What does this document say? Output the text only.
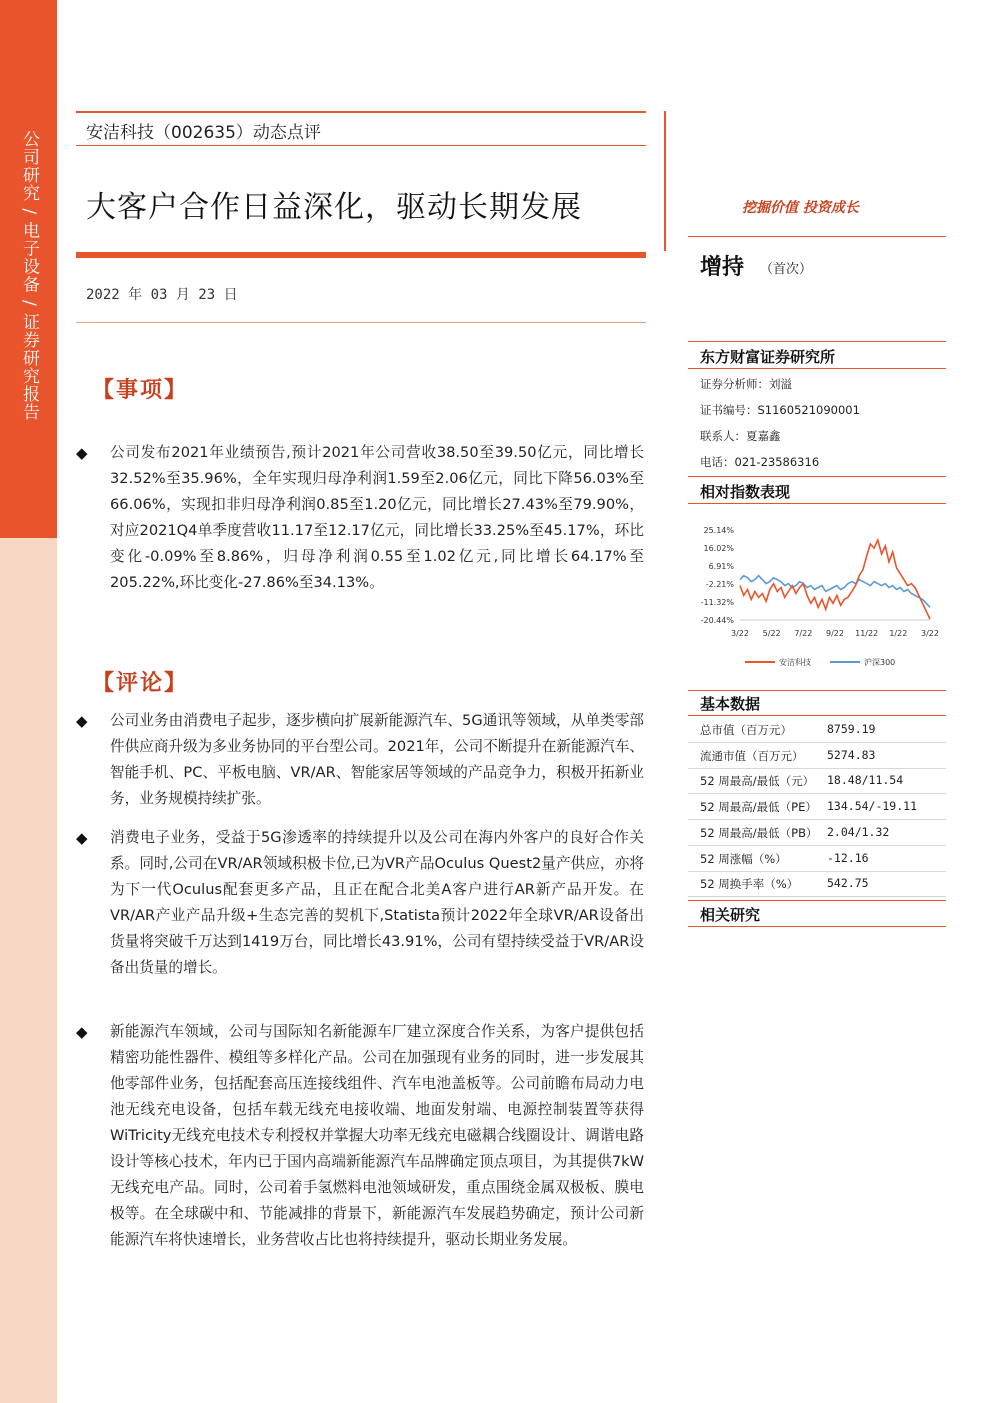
公司研究 / 电子设备 / 证券研究报告	安洁科技（002635）动态点评
大客户合作日益深化，驱动长期发展
2022 年 03 月 23 日
【事项】
◆ 公司发布2021年业绩预告,预计2021年公司营收38.50至39.50亿元，同比增长32.52%至35.96%，全年实现归母净利润1.59至2.06亿元，同比下降56.03%至66.06%，实现扣非归母净利润0.85至1.20亿元，同比增长27.43%至79.90%，对应2021Q4单季度营收11.17至12.17亿元，同比增长33.25%至45.17%，环比变化-0.09%至8.86%，归母净利润0.55至1.02亿元,同比增长64.17%至205.22%,环比变化-27.86%至34.13%。
【评论】
◆ 公司业务由消费电子起步，逐步横向扩展新能源汽车、5G通讯等领域，从单类零部件供应商升级为多业务协同的平台型公司。2021年，公司不断提升在新能源汽车、智能手机、PC、平板电脑、VR/AR、智能家居等领域的产品竞争力，积极开拓新业务，业务规模持续扩张。
◆ 消费电子业务，受益于5G渗透率的持续提升以及公司在海内外客户的良好合作关系。同时,公司在VR/AR领域积极卡位,已为VR产品Oculus Quest2量产供应，亦将为下一代Oculus配套更多产品，且正在配合北美A客户进行AR新产品开发。在VR/AR产业产品升级+生态完善的契机下,Statista预计2022年全球VR/AR设备出货量将突破千万达到1419万台，同比增长43.91%，公司有望持续受益于VR/AR设备出货量的增长。
◆ 新能源汽车领域，公司与国际知名新能源车厂建立深度合作关系，为客户提供包括精密功能性器件、模组等多样化产品。公司在加强现有业务的同时，进一步发展其他零部件业务，包括配套高压连接线组件、汽车电池盖板等。公司前瞻布局动力电池无线充电设备，包括车载无线充电接收端、地面发射端、电源控制装置等获得WiTricity无线充电技术专利授权并掌握大功率无线充电磁耦合线圈设计、调谐电路设计等核心技术，年内已于国内高端新能源汽车品牌确定顶点项目，为其提供7kW无线充电产品。同时，公司着手氢燃料电池领域研发，重点围绕金属双极板、膜电极等。在全球碳中和、节能减排的背景下，新能源汽车发展趋势确定，预计公司新能源汽车将快速增长，业务营收占比也将持续提升，驱动长期业务发展。
挖掘价值 投资成长
增持 （首次）
东方财富证券研究所
证券分析师：刘溢
证书编号：S1160521090001
联系人：夏嘉鑫
电话：021-23586316
相对指数表现
25.14%
16.02%
6.91%
-2.21%
-11.32%
-20.44%
3/22 5/22 7/22 9/22 11/22 1/22 3/22
安洁科技	沪深300
基本数据
总市值（百万元）	8759.19
流通市值（百万元） 5274.83
52 周最高/最低（元） 18.48/11.54
52 周最高/最低（PE） 134.54/-19.11
52 周最高/最低（PB） 2.04/1.32
52 周涨幅（%）	-12.16
52 周换手率（%）	542.75
相关研究
